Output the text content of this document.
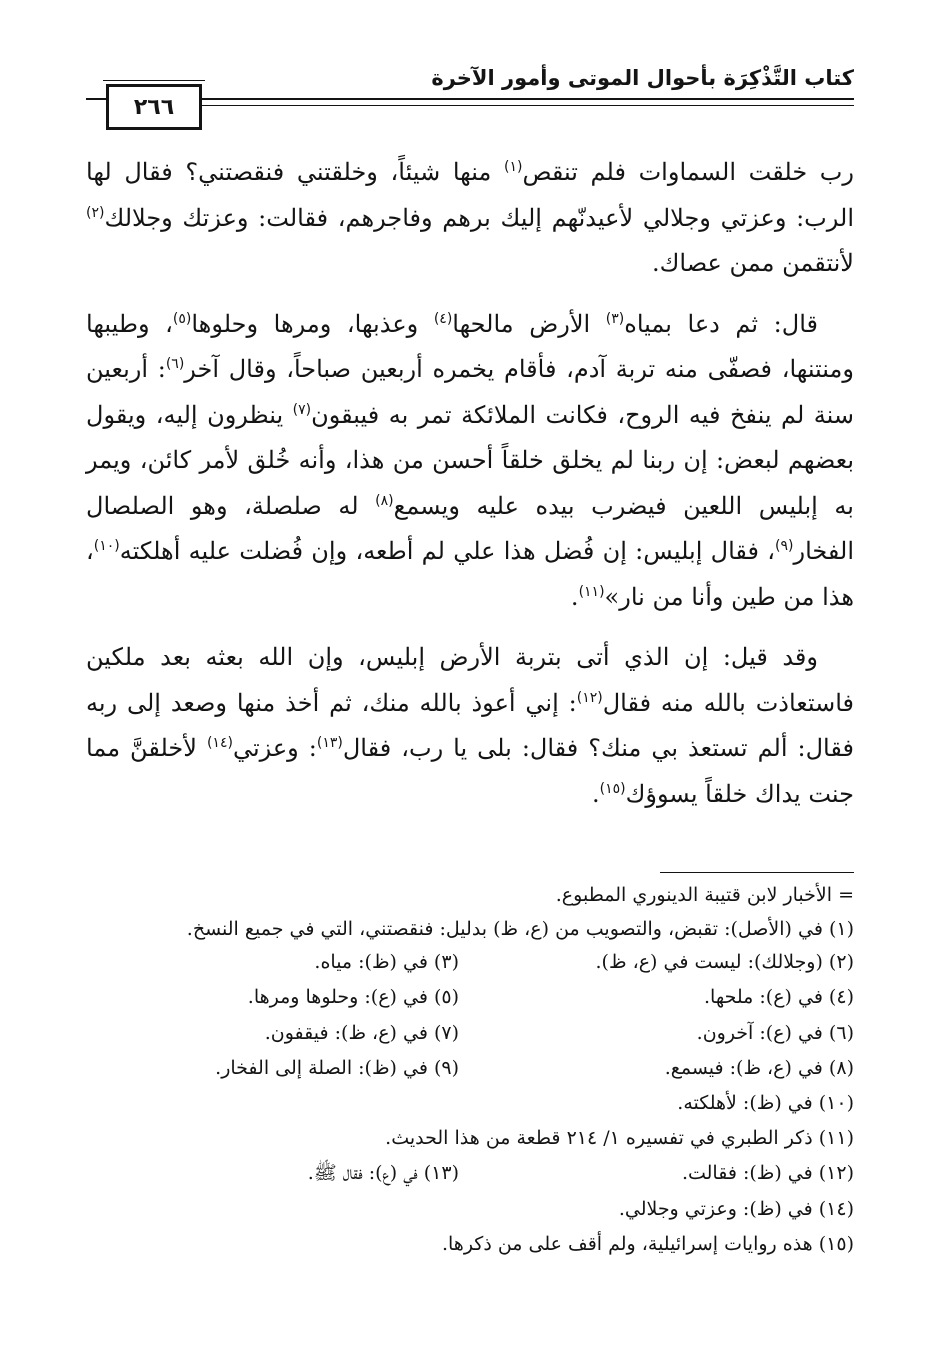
كتاب التَّذْكِرَة بأحوال الموتى وأمور الآخرة
٢٦٦

رب خلقت السماوات فلم تنقص$^{(١)}$ منها شيئاً، وخلقتني فنقصتني؟ فقال لها الرب: وعزتي وجلالي لأعيدنّهم إليك برهم وفاجرهم، فقالت: وعزتك وجلالك$^{(٢)}$ لأنتقمن ممن عصاك.

قال: ثم دعا بمياه$^{(٣)}$ الأرض مالحها$^{(٤)}$ وعذبها، ومرها وحلوها$^{(٥)}$، وطيبها ومنتنها، فصفّى منه تربة آدم، فأقام يخمره أربعين صباحاً، وقال آخر$^{(٦)}$: أربعين سنة لم ينفخ فيه الروح، فكانت الملائكة تمر به فيبقون$^{(٧)}$ ينظرون إليه، ويقول بعضهم لبعض: إن ربنا لم يخلق خلقاً أحسن من هذا، وأنه خُلق لأمر كائن، ويمر به إبليس اللعين فيضرب بيده عليه ويسمع$^{(٨)}$ له صلصلة، وهو الصلصال الفخار$^{(٩)}$، فقال إبليس: إن فُضل هذا علي لم أطعه، وإن فُضلت عليه أهلكته$^{(١٠)}$، هذا من طين وأنا من نار»$^{(١١)}$.

وقد قيل: إن الذي أتى بتربة الأرض إبليس، وإن الله بعثه بعد ملكين فاستعاذت بالله منه فقال$^{(١٢)}$: إني أعوذ بالله منك، ثم أخذ منها وصعد إلى ربه فقال: ألم تستعذ بي منك؟ فقال: بلى يا رب، فقال$^{(١٣)}$: وعزتي$^{(١٤)}$ لأخلقنَّ مما جنت يداك خلقاً يسوؤك$^{(١٥)}$.

= الأخبار لابن قتيبة الدينوري المطبوع.
(١) في (الأصل): تقبض، والتصويب من (ع، ظ) بدليل: فنقصتني، التي في جميع النسخ.
(٢) (وجلالك): ليست في (ع، ظ).
(٣) في (ظ): مياه.
(٤) في (ع): ملحها.
(٥) في (ع): وحلوها ومرها.
(٦) في (ع): آخرون.
(٧) في (ع، ظ): فيقفون.
(٨) في (ع، ظ): فيسمع.
(٩) في (ظ): الصلة إلى الفخار.
(١٠) في (ظ): لأهلكته.
(١١) ذكر الطبري في تفسيره ١/ ٢١٤ قطعة من هذا الحديث.
(١٢) في (ظ): فقالت.
(١٣) في (ع): فقال ﷺ.
(١٤) في (ظ): وعزتي وجلالي.
(١٥) هذه روايات إسرائيلية، ولم أقف على من ذكرها.
